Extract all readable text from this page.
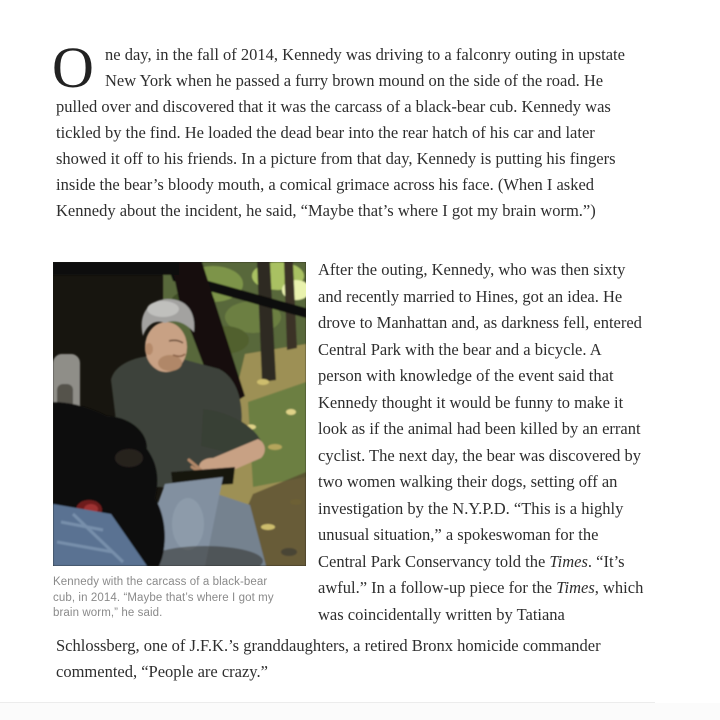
O ne day, in the fall of 2014, Kennedy was driving to a falconry outing in upstate
New York when he passed a furry brown mound on the side of the road. He
pulled over and discovered that it was the carcass of a black-bear cub. Kennedy was
tickled by the find. He loaded the dead bear into the rear hatch of his car and later
showed it off to his friends. In a picture from that day, Kennedy is putting his fingers
inside the bear’s bloody mouth, a comical grimace across his face. (When I asked
Kennedy about the incident, he said, “Maybe that’s where I got my brain worm.”)
Kennedy with the carcass of a black-bear cub, in 2014. “Maybe that’s where I got my brain worm,” he said.
After the outing, Kennedy, who was then sixty
and recently married to Hines, got an idea. He
drove to Manhattan and, as darkness fell, entered
Central Park with the bear and a bicycle. A
person with knowledge of the event said that
Kennedy thought it would be funny to make it
look as if the animal had been killed by an errant
cyclist. The next day, the bear was discovered by
two women walking their dogs, setting off an
investigation by the N.Y.P.D. “This is a highly
unusual situation,” a spokeswoman for the
Central Park Conservancy told the Times. “It’s
awful.” In a follow-up piece for the Times, which
was coincidentally written by Tatiana
Schlossberg, one of J.F.K.’s granddaughters, a retired Bronx homicide commander
commented, “People are crazy.”
